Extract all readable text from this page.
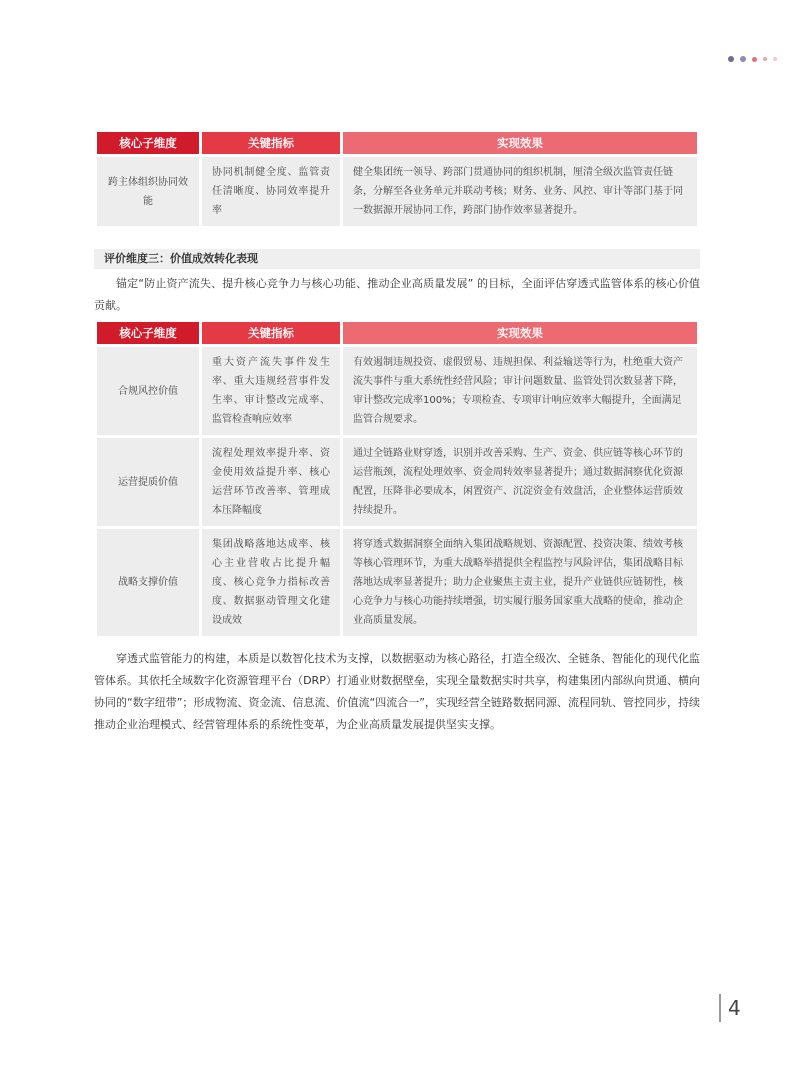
核心子维度	关键指标	实现效果
跨主体组织协同效能	协同机制健全度、监管责任清晰度、协同效率提升率	健全集团统一领导、跨部门贯通协同的组织机制，厘清全级次监管责任链条，分解至各业务单元并联动考核；财务、业务、风控、审计等部门基于同一数据源开展协同工作，跨部门协作效率显著提升。
评价维度三：价值成效转化表现
锚定“防止资产流失、提升核心竞争力与核心功能、推动企业高质量发展” 的目标，全面评估穿透式监管体系的核心价值贡献。
核心子维度	关键指标	实现效果
合规风控价值	重大资产流失事件发生率、重大违规经营事件发生率、审计整改完成率、监管检查响应效率	有效遏制违规投资、虚假贸易、违规担保、利益输送等行为，杜绝重大资产流失事件与重大系统性经营风险；审计问题数量、监管处罚次数显著下降，审计整改完成率100%；专项检查、专项审计响应效率大幅提升，全面满足监管合规要求。
运营提质价值	流程处理效率提升率、资金使用效益提升率、核心运营环节改善率、管理成本压降幅度	通过全链路业财穿透，识别并改善采购、生产、资金、供应链等核心环节的运营瓶颈，流程处理效率、资金周转效率显著提升；通过数据洞察优化资源配置，压降非必要成本，闲置资产、沉淀资金有效盘活，企业整体运营质效持续提升。
战略支撑价值	集团战略落地达成率、核心主业营收占比提升幅度、核心竞争力指标改善度、数据驱动管理文化建设成效	将穿透式数据洞察全面纳入集团战略规划、资源配置、投资决策、绩效考核等核心管理环节，为重大战略举措提供全程监控与风险评估，集团战略目标落地达成率显著提升；助力企业聚焦主责主业，提升产业链供应链韧性，核心竞争力与核心功能持续增强，切实履行服务国家重大战略的使命，推动企业高质量发展。
穿透式监管能力的构建，本质是以数智化技术为支撑，以数据驱动为核心路径，打造全级次、全链条、智能化的现代化监管体系。其依托全域数字化资源管理平台（DRP）打通业财数据壁垒，实现全量数据实时共享，构建集团内部纵向贯通、横向协同的“数字纽带”；形成物流、资金流、信息流、价值流“四流合一”，实现经营全链路数据同源、流程同轨、管控同步，持续推动企业治理模式、经营管理体系的系统性变革，为企业高质量发展提供坚实支撑。
4
